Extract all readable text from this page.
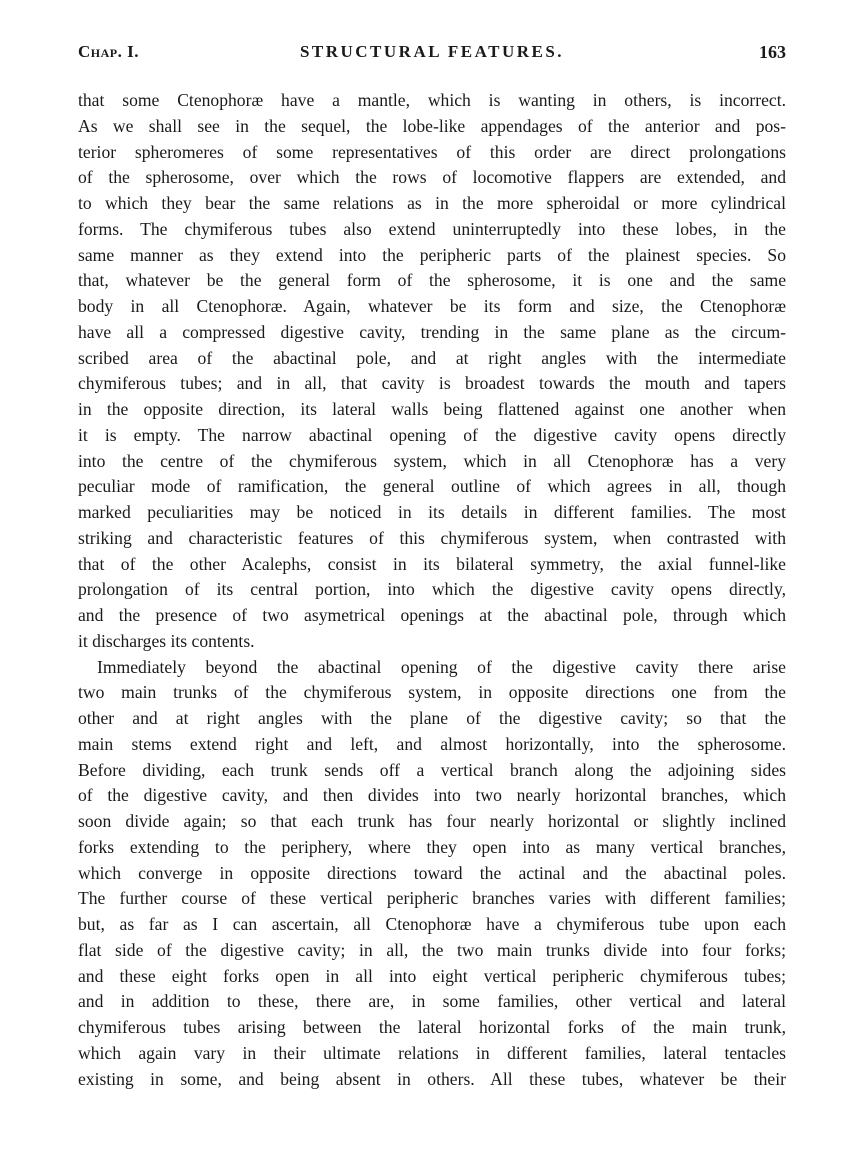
Chap. I.	STRUCTURAL FEATURES.	163
that some Ctenophoræ have a mantle, which is wanting in others, is incorrect.
As we shall see in the sequel, the lobe-like appendages of the anterior and pos-
terior spheromeres of some representatives of this order are direct prolongations
of the spherosome, over which the rows of locomotive flappers are extended, and
to which they bear the same relations as in the more spheroidal or more cylindrical
forms. The chymiferous tubes also extend uninterruptedly into these lobes, in the
same manner as they extend into the peripheric parts of the plainest species. So
that, whatever be the general form of the spherosome, it is one and the same
body in all Ctenophoræ. Again, whatever be its form and size, the Ctenophoræ
have all a compressed digestive cavity, trending in the same plane as the circum-
scribed area of the abactinal pole, and at right angles with the intermediate
chymiferous tubes; and in all, that cavity is broadest towards the mouth and tapers
in the opposite direction, its lateral walls being flattened against one another when
it is empty. The narrow abactinal opening of the digestive cavity opens directly
into the centre of the chymiferous system, which in all Ctenophoræ has a very
peculiar mode of ramification, the general outline of which agrees in all, though
marked peculiarities may be noticed in its details in different families. The most
striking and characteristic features of this chymiferous system, when contrasted with
that of the other Acalephs, consist in its bilateral symmetry, the axial funnel-like
prolongation of its central portion, into which the digestive cavity opens directly,
and the presence of two asymetrical openings at the abactinal pole, through which
it discharges its contents.
Immediately beyond the abactinal opening of the digestive cavity there arise
two main trunks of the chymiferous system, in opposite directions one from the
other and at right angles with the plane of the digestive cavity; so that the
main stems extend right and left, and almost horizontally, into the spherosome.
Before dividing, each trunk sends off a vertical branch along the adjoining sides
of the digestive cavity, and then divides into two nearly horizontal branches, which
soon divide again; so that each trunk has four nearly horizontal or slightly inclined
forks extending to the periphery, where they open into as many vertical branches,
which converge in opposite directions toward the actinal and the abactinal poles.
The further course of these vertical peripheric branches varies with different families;
but, as far as I can ascertain, all Ctenophoræ have a chymiferous tube upon each
flat side of the digestive cavity; in all, the two main trunks divide into four forks;
and these eight forks open in all into eight vertical peripheric chymiferous tubes;
and in addition to these, there are, in some families, other vertical and lateral
chymiferous tubes arising between the lateral horizontal forks of the main trunk,
which again vary in their ultimate relations in different families, lateral tentacles
existing in some, and being absent in others. All these tubes, whatever be their
